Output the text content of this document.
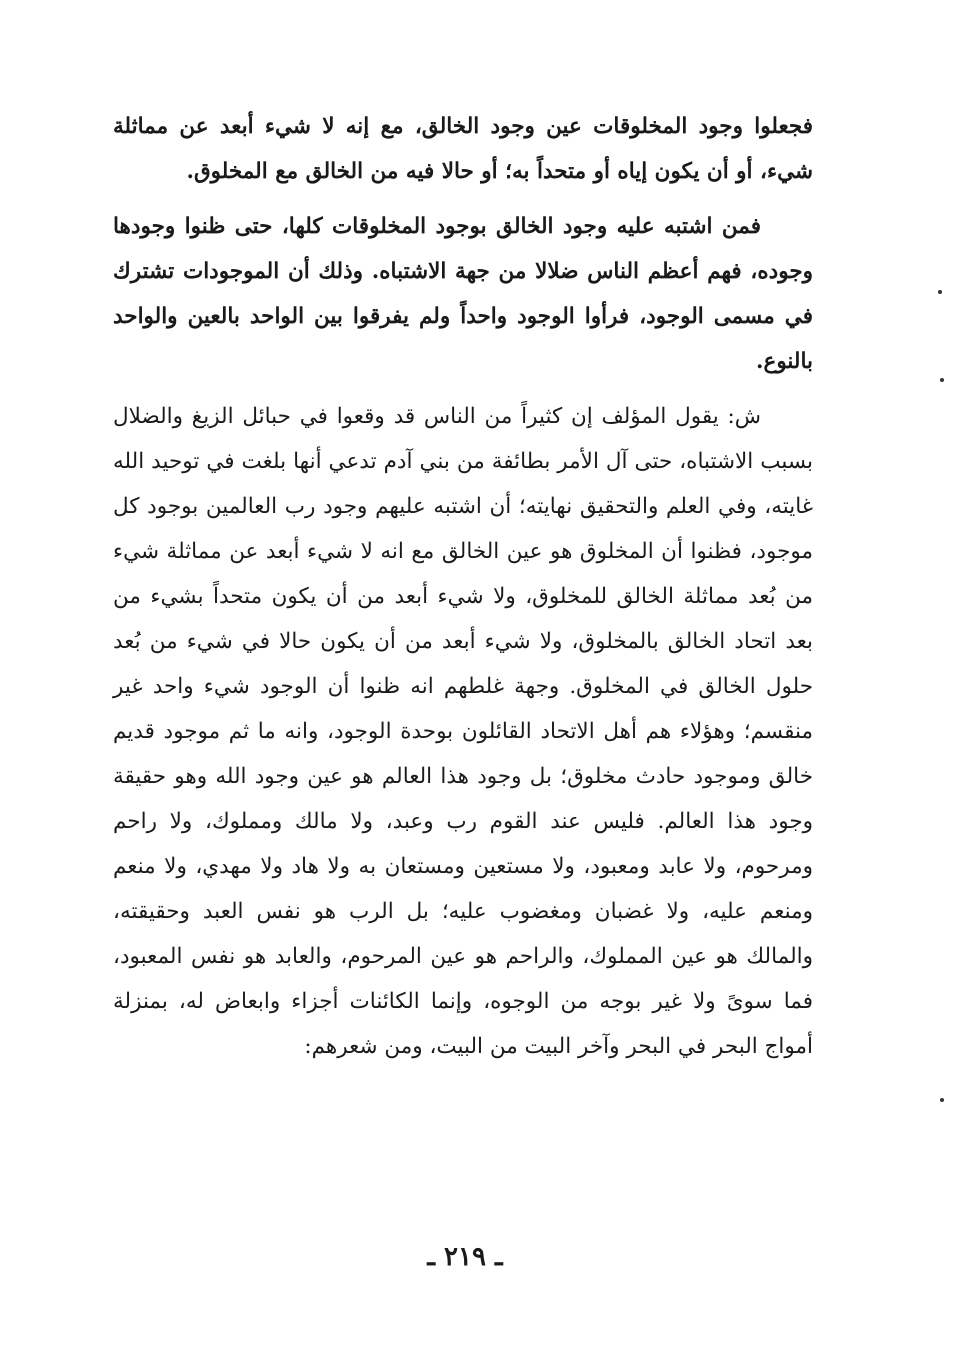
فجعلوا وجود المخلوقات عين وجود الخالق، مع إنه لا شيء أبعد عن مماثلة شيء، أو أن يكون إياه أو متحداً به؛ أو حالا فيه من الخالق مع المخلوق.

فمن اشتبه عليه وجود الخالق بوجود المخلوقات كلها، حتى ظنوا وجودها وجوده، فهم أعظم الناس ضلالا من جهة الاشتباه. وذلك أن الموجودات تشترك في مسمى الوجود، فرأوا الوجود واحداً ولم يفرقوا بين الواحد بالعين والواحد بالنوع.

ش: يقول المؤلف إن كثيراً من الناس قد وقعوا في حبائل الزيغ والضلال بسبب الاشتباه، حتى آل الأمر بطائفة من بني آدم تدعي أنها بلغت في توحيد الله غايته، وفي العلم والتحقيق نهايته؛ أن اشتبه عليهم وجود رب العالمين بوجود كل موجود، فظنوا أن المخلوق هو عين الخالق مع انه لا شيء أبعد عن مماثلة شيء من بُعد مماثلة الخالق للمخلوق، ولا شيء أبعد من أن يكون متحداً بشيء من بعد اتحاد الخالق بالمخلوق، ولا شيء أبعد من أن يكون حالا في شيء من بُعد حلول الخالق في المخلوق. وجهة غلطهم انه ظنوا أن الوجود شيء واحد غير منقسم؛ وهؤلاء هم أهل الاتحاد القائلون بوحدة الوجود، وانه ما ثم موجود قديم خالق وموجود حادث مخلوق؛ بل وجود هذا العالم هو عين وجود الله وهو حقيقة وجود هذا العالم. فليس عند القوم رب وعبد، ولا مالك ومملوك، ولا راحم ومرحوم، ولا عابد ومعبود، ولا مستعين ومستعان به ولا هاد ولا مهدي، ولا منعم ومنعم عليه، ولا غضبان ومغضوب عليه؛ بل الرب هو نفس العبد وحقيقته، والمالك هو عين المملوك، والراحم هو عين المرحوم، والعابد هو نفس المعبود، فما سوىً ولا غير بوجه من الوجوه، وإنما الكائنات أجزاء وابعاض له، بمنزلة أمواج البحر في البحر وآخر البيت من البيت، ومن شعرهم:

ـ ٢١٩ ـ
